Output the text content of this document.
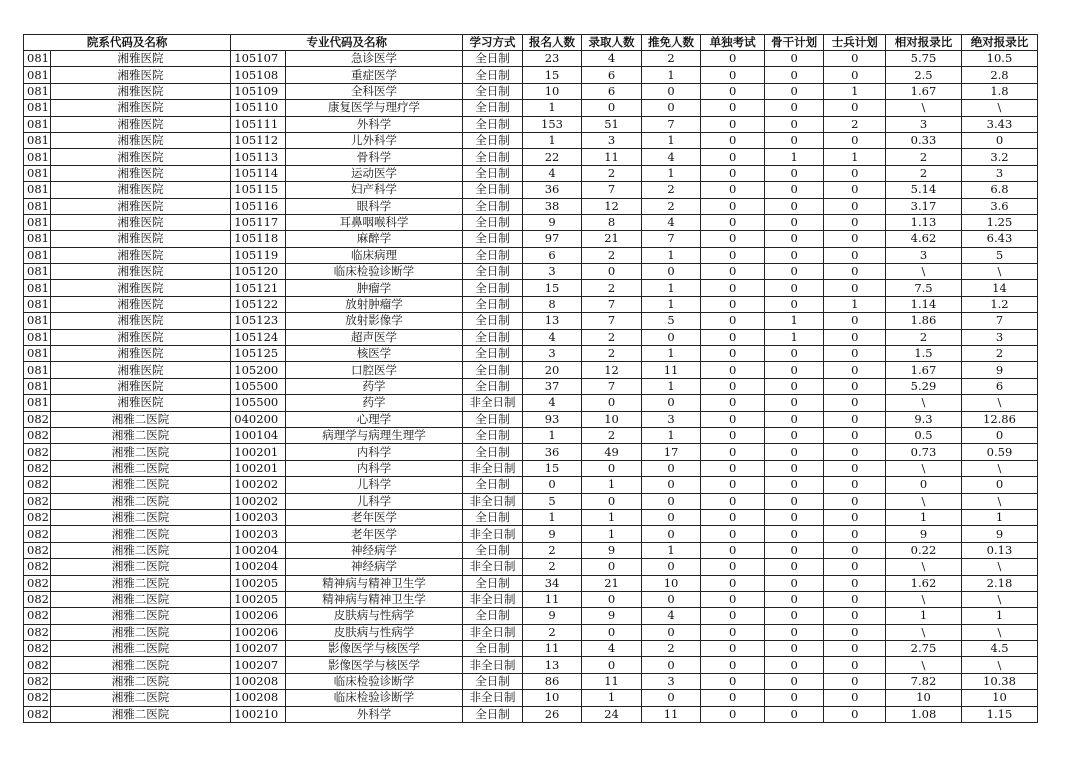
院系代码及名称		专业代码及名称		学习方式	报名人数	录取人数	推免人数	单独考试	骨干计划	士兵计划	相对报录比	绝对报录比
081	湘雅医院	105107	急诊医学	全日制	23	4	2	0	0	0	5.75	10.5
081	湘雅医院	105108	重症医学	全日制	15	6	1	0	0	0	2.5	2.8
081	湘雅医院	105109	全科医学	全日制	10	6	0	0	0	1	1.67	1.8
081	湘雅医院	105110	康复医学与理疗学	全日制	1	0	0	0	0	0	\	\
081	湘雅医院	105111	外科学	全日制	153	51	7	0	0	2	3	3.43
081	湘雅医院	105112	儿外科学	全日制	1	3	1	0	0	0	0.33	0
081	湘雅医院	105113	骨科学	全日制	22	11	4	0	1	1	2	3.2
081	湘雅医院	105114	运动医学	全日制	4	2	1	0	0	0	2	3
081	湘雅医院	105115	妇产科学	全日制	36	7	2	0	0	0	5.14	6.8
081	湘雅医院	105116	眼科学	全日制	38	12	2	0	0	0	3.17	3.6
081	湘雅医院	105117	耳鼻咽喉科学	全日制	9	8	4	0	0	0	1.13	1.25
081	湘雅医院	105118	麻醉学	全日制	97	21	7	0	0	0	4.62	6.43
081	湘雅医院	105119	临床病理	全日制	6	2	1	0	0	0	3	5
081	湘雅医院	105120	临床检验诊断学	全日制	3	0	0	0	0	0	\	\
081	湘雅医院	105121	肿瘤学	全日制	15	2	1	0	0	0	7.5	14
081	湘雅医院	105122	放射肿瘤学	全日制	8	7	1	0	0	1	1.14	1.2
081	湘雅医院	105123	放射影像学	全日制	13	7	5	0	1	0	1.86	7
081	湘雅医院	105124	超声医学	全日制	4	2	0	0	1	0	2	3
081	湘雅医院	105125	核医学	全日制	3	2	1	0	0	0	1.5	2
081	湘雅医院	105200	口腔医学	全日制	20	12	11	0	0	0	1.67	9
081	湘雅医院	105500	药学	全日制	37	7	1	0	0	0	5.29	6
081	湘雅医院	105500	药学	非全日制	4	0	0	0	0	0	\	\
082	湘雅二医院	040200	心理学	全日制	93	10	3	0	0	0	9.3	12.86
082	湘雅二医院	100104	病理学与病理生理学	全日制	1	2	1	0	0	0	0.5	0
082	湘雅二医院	100201	内科学	全日制	36	49	17	0	0	0	0.73	0.59
082	湘雅二医院	100201	内科学	非全日制	15	0	0	0	0	0	\	\
082	湘雅二医院	100202	儿科学	全日制	0	1	0	0	0	0	0	0
082	湘雅二医院	100202	儿科学	非全日制	5	0	0	0	0	0	\	\
082	湘雅二医院	100203	老年医学	全日制	1	1	0	0	0	0	1	1
082	湘雅二医院	100203	老年医学	非全日制	9	1	0	0	0	0	9	9
082	湘雅二医院	100204	神经病学	全日制	2	9	1	0	0	0	0.22	0.13
082	湘雅二医院	100204	神经病学	非全日制	2	0	0	0	0	0	\	\
082	湘雅二医院	100205	精神病与精神卫生学	全日制	34	21	10	0	0	0	1.62	2.18
082	湘雅二医院	100205	精神病与精神卫生学	非全日制	11	0	0	0	0	0	\	\
082	湘雅二医院	100206	皮肤病与性病学	全日制	9	9	4	0	0	0	1	1
082	湘雅二医院	100206	皮肤病与性病学	非全日制	2	0	0	0	0	0	\	\
082	湘雅二医院	100207	影像医学与核医学	全日制	11	4	2	0	0	0	2.75	4.5
082	湘雅二医院	100207	影像医学与核医学	非全日制	13	0	0	0	0	0	\	\
082	湘雅二医院	100208	临床检验诊断学	全日制	86	11	3	0	0	0	7.82	10.38
082	湘雅二医院	100208	临床检验诊断学	非全日制	10	1	0	0	0	0	10	10
082	湘雅二医院	100210	外科学	全日制	26	24	11	0	0	0	1.08	1.15
